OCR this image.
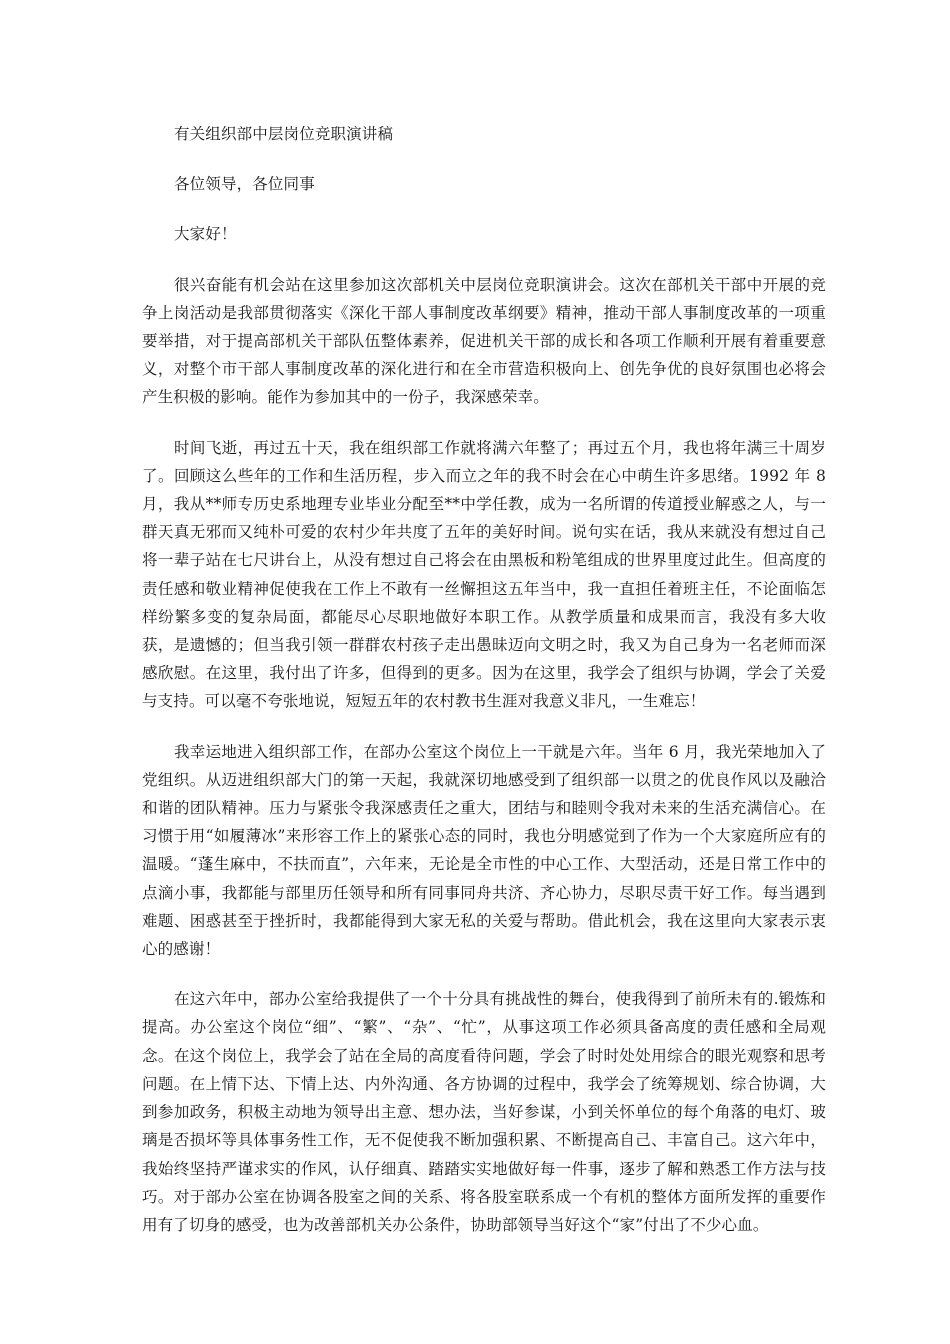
有关组织部中层岗位竞职演讲稿

各位领导，各位同事

大家好！

很兴奋能有机会站在这里参加这次部机关中层岗位竞职演讲会。这次在部机关干部中开展的竞争上岗活动是我部贯彻落实《深化干部人事制度改革纲要》精神，推动干部人事制度改革的一项重要举措，对于提高部机关干部队伍整体素养，促进机关干部的成长和各项工作顺利开展有着重要意义，对整个市干部人事制度改革的深化进行和在全市营造积极向上、创先争优的良好氛围也必将会产生积极的影响。能作为参加其中的一份子，我深感荣幸。

时间飞逝，再过五十天，我在组织部工作就将满六年整了；再过五个月，我也将年满三十周岁了。回顾这么些年的工作和生活历程，步入而立之年的我不时会在心中萌生许多思绪。1992 年 8 月，我从**师专历史系地理专业毕业分配至**中学任教，成为一名所谓的传道授业解惑之人，与一群天真无邪而又纯朴可爱的农村少年共度了五年的美好时间。说句实在话，我从来就没有想过自己将一辈子站在七尺讲台上，从没有想过自己将会在由黑板和粉笔组成的世界里度过此生。但高度的责任感和敬业精神促使我在工作上不敢有一丝懈担这五年当中，我一直担任着班主任，不论面临怎样纷繁多变的复杂局面，都能尽心尽职地做好本职工作。从教学质量和成果而言，我没有多大收获，是遗憾的；但当我引领一群群农村孩子走出愚昧迈向文明之时，我又为自己身为一名老师而深感欣慰。在这里，我付出了许多，但得到的更多。因为在这里，我学会了组织与协调，学会了关爱与支持。可以毫不夸张地说，短短五年的农村教书生涯对我意义非凡，一生难忘！

我幸运地进入组织部工作，在部办公室这个岗位上一干就是六年。当年 6 月，我光荣地加入了党组织。从迈进组织部大门的第一天起，我就深切地感受到了组织部一以贯之的优良作风以及融洽和谐的团队精神。压力与紧张令我深感责任之重大，团结与和睦则令我对未来的生活充满信心。在习惯于用“如履薄冰”来形容工作上的紧张心态的同时，我也分明感觉到了作为一个大家庭所应有的温暖。“蓬生麻中，不扶而直”，六年来，无论是全市性的中心工作、大型活动，还是日常工作中的点滴小事，我都能与部里历任领导和所有同事同舟共济、齐心协力，尽职尽责干好工作。每当遇到难题、困惑甚至于挫折时，我都能得到大家无私的关爱与帮助。借此机会，我在这里向大家表示衷心的感谢！

在这六年中，部办公室给我提供了一个十分具有挑战性的舞台，使我得到了前所未有的.锻炼和提高。办公室这个岗位“细”、“繁”、“杂”、“忙”，从事这项工作必须具备高度的责任感和全局观念。在这个岗位上，我学会了站在全局的高度看待问题，学会了时时处处用综合的眼光观察和思考问题。在上情下达、下情上达、内外沟通、各方协调的过程中，我学会了统筹规划、综合协调，大到参加政务，积极主动地为领导出主意、想办法，当好参谋，小到关怀单位的每个角落的电灯、玻璃是否损坏等具体事务性工作，无不促使我不断加强积累、不断提高自己、丰富自己。这六年中，我始终坚持严谨求实的作风，认仔细真、踏踏实实地做好每一件事，逐步了解和熟悉工作方法与技巧。对于部办公室在协调各股室之间的关系、将各股室联系成一个有机的整体方面所发挥的重要作用有了切身的感受，也为改善部机关办公条件，协助部领导当好这个“家”付出了不少心血。
